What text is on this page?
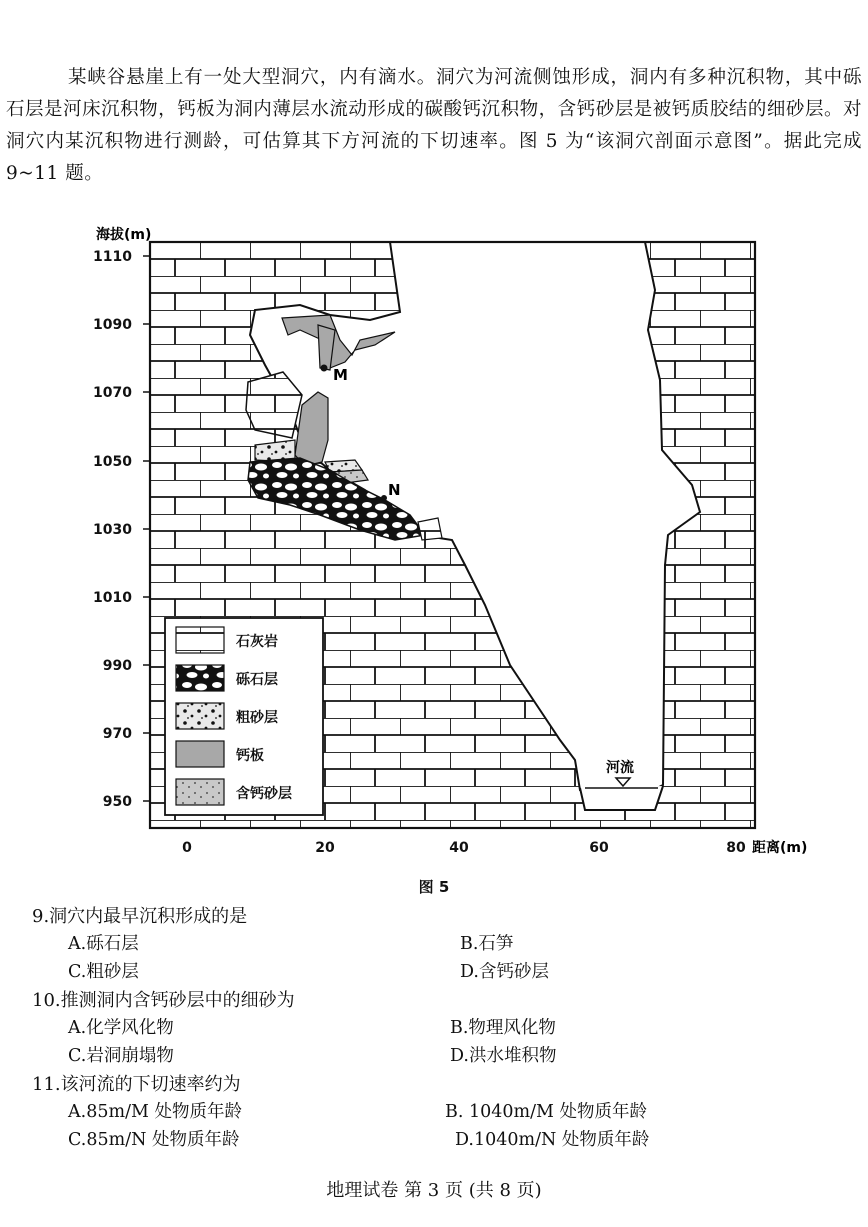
某峡谷悬崖上有一处大型洞穴，内有滴水。洞穴为河流侧蚀形成，洞内有多种沉积物，其中砾石层是河床沉积物，钙板为洞内薄层水流动形成的碳酸钙沉积物，含钙砂层是被钙质胶结的细砂层。对洞穴内某沉积物进行测龄，可估算其下方河流的下切速率。图 5 为“该洞穴剖面示意图”。据此完成 9~11 题。

1110
1090
1070
1050
1030
1010
990
970
950
海拔(m)
0	20	40	60	80 距离(m)
M
N
河流
石灰岩
砾石层
粗砂层
钙板
含钙砂层
图 5
9.洞穴内最早沉积形成的是
A.砾石层	B.石笋
C.粗砂层	D.含钙砂层
10.推测洞内含钙砂层中的细砂为
A.化学风化物	B.物理风化物
C.岩洞崩塌物	D.洪水堆积物
11.该河流的下切速率约为
A.85m/M 处物质年龄	B. 1040m/M 处物质年龄
C.85m/N 处物质年龄	D.1040m/N 处物质年龄
地理试卷 第 3 页 (共 8 页)
